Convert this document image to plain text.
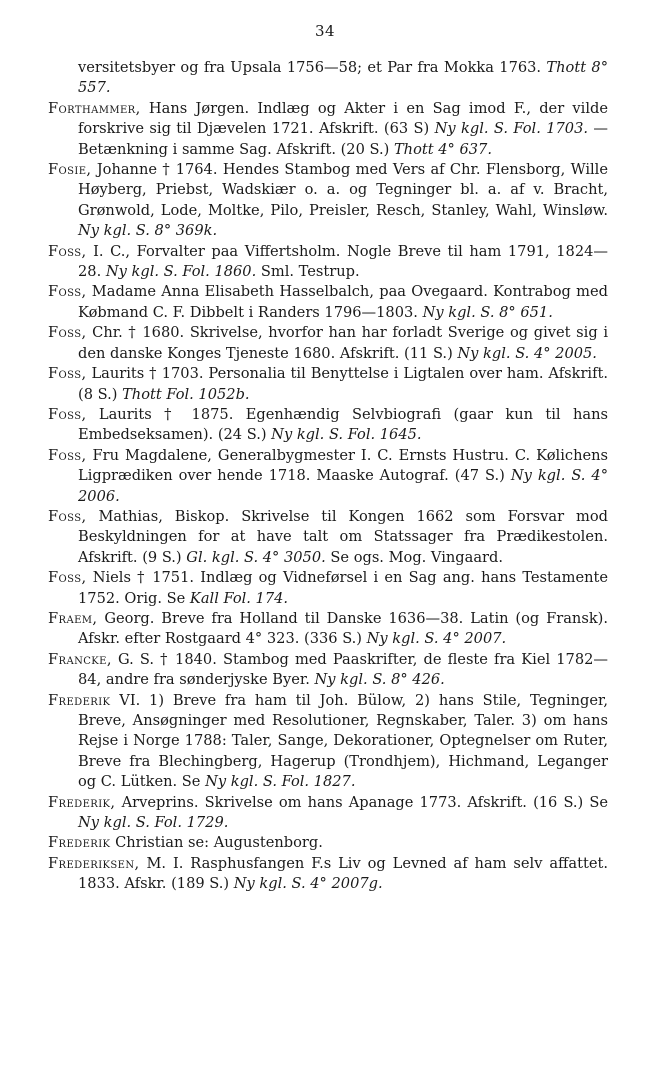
34

versitetsbyer og fra Upsala 1756—58; et Par fra Mokka 1763. Thott 8° 557.

Forthammer, Hans Jørgen. Indlæg og Akter i en Sag imod F., der vilde forskrive sig til Djævelen 1721. Afskrift. (63 S) Ny kgl. S. Fol. 1703. — Betænkning i samme Sag. Afskrift. (20 S.) Thott 4° 637.

Fosie, Johanne † 1764. Hendes Stambog med Vers af Chr. Flensborg, Wille Høyberg, Priebst, Wadskiær o. a. og Tegninger bl. a. af v. Bracht, Grønwold, Lode, Moltke, Pilo, Preisler, Resch, Stanley, Wahl, Winsløw. Ny kgl. S. 8° 369k.

Foss, I. C., Forvalter paa Viffertsholm. Nogle Breve til ham 1791, 1824—28. Ny kgl. S. Fol. 1860. Sml. Testrup.

Foss, Madame Anna Elisabeth Hasselbalch, paa Ovegaard. Kontrabog med Købmand C. F. Dibbelt i Randers 1796—1803. Ny kgl. S. 8° 651.

Foss, Chr. † 1680. Skrivelse, hvorfor han har forladt Sverige og givet sig i den danske Konges Tjeneste 1680. Afskrift. (11 S.) Ny kgl. S. 4° 2005.

Foss, Laurits † 1703. Personalia til Benyttelse i Ligtalen over ham. Afskrift. (8 S.) Thott Fol. 1052b.

Foss, Laurits † 1875. Egenhændig Selvbiografi (gaar kun til hans Embedseksamen). (24 S.) Ny kgl. S. Fol. 1645.

Foss, Fru Magdalene, Generalbygmester I. C. Ernsts Hustru. C. Kølichens Ligprædiken over hende 1718. Maaske Autograf. (47 S.) Ny kgl. S. 4° 2006.

Foss, Mathias, Biskop. Skrivelse til Kongen 1662 som Forsvar mod Beskyldningen for at have talt om Statssager fra Prædikestolen. Afskrift. (9 S.) Gl. kgl. S. 4° 3050. Se ogs. Mog. Vingaard.

Foss, Niels † 1751. Indlæg og Vidneførsel i en Sag ang. hans Testamente 1752. Orig. Se Kall Fol. 174.

Fraem, Georg. Breve fra Holland til Danske 1636—38. Latin (og Fransk). Afskr. efter Rostgaard 4° 323. (336 S.) Ny kgl. S. 4° 2007.

Francke, G. S. † 1840. Stambog med Paaskrifter, de fleste fra Kiel 1782—84, andre fra sønderjyske Byer. Ny kgl. S. 8° 426.

Frederik VI. 1) Breve fra ham til Joh. Bülow, 2) hans Stile, Tegninger, Breve, Ansøgninger med Resolutioner, Regnskaber, Taler. 3) om hans Rejse i Norge 1788: Taler, Sange, Dekorationer, Optegnelser om Ruter, Breve fra Blechingberg, Hagerup (Trondhjem), Hichmand, Leganger og C. Lütken. Se Ny kgl. S. Fol. 1827.

Frederik, Arveprins. Skrivelse om hans Apanage 1773. Afskrift. (16 S.) Se Ny kgl. S. Fol. 1729.

Frederik Christian se: Augustenborg.

Frederiksen, M. I. Rasphusfangen F.s Liv og Levned af ham selv affattet. 1833. Afskr. (189 S.) Ny kgl. S. 4° 2007g.
